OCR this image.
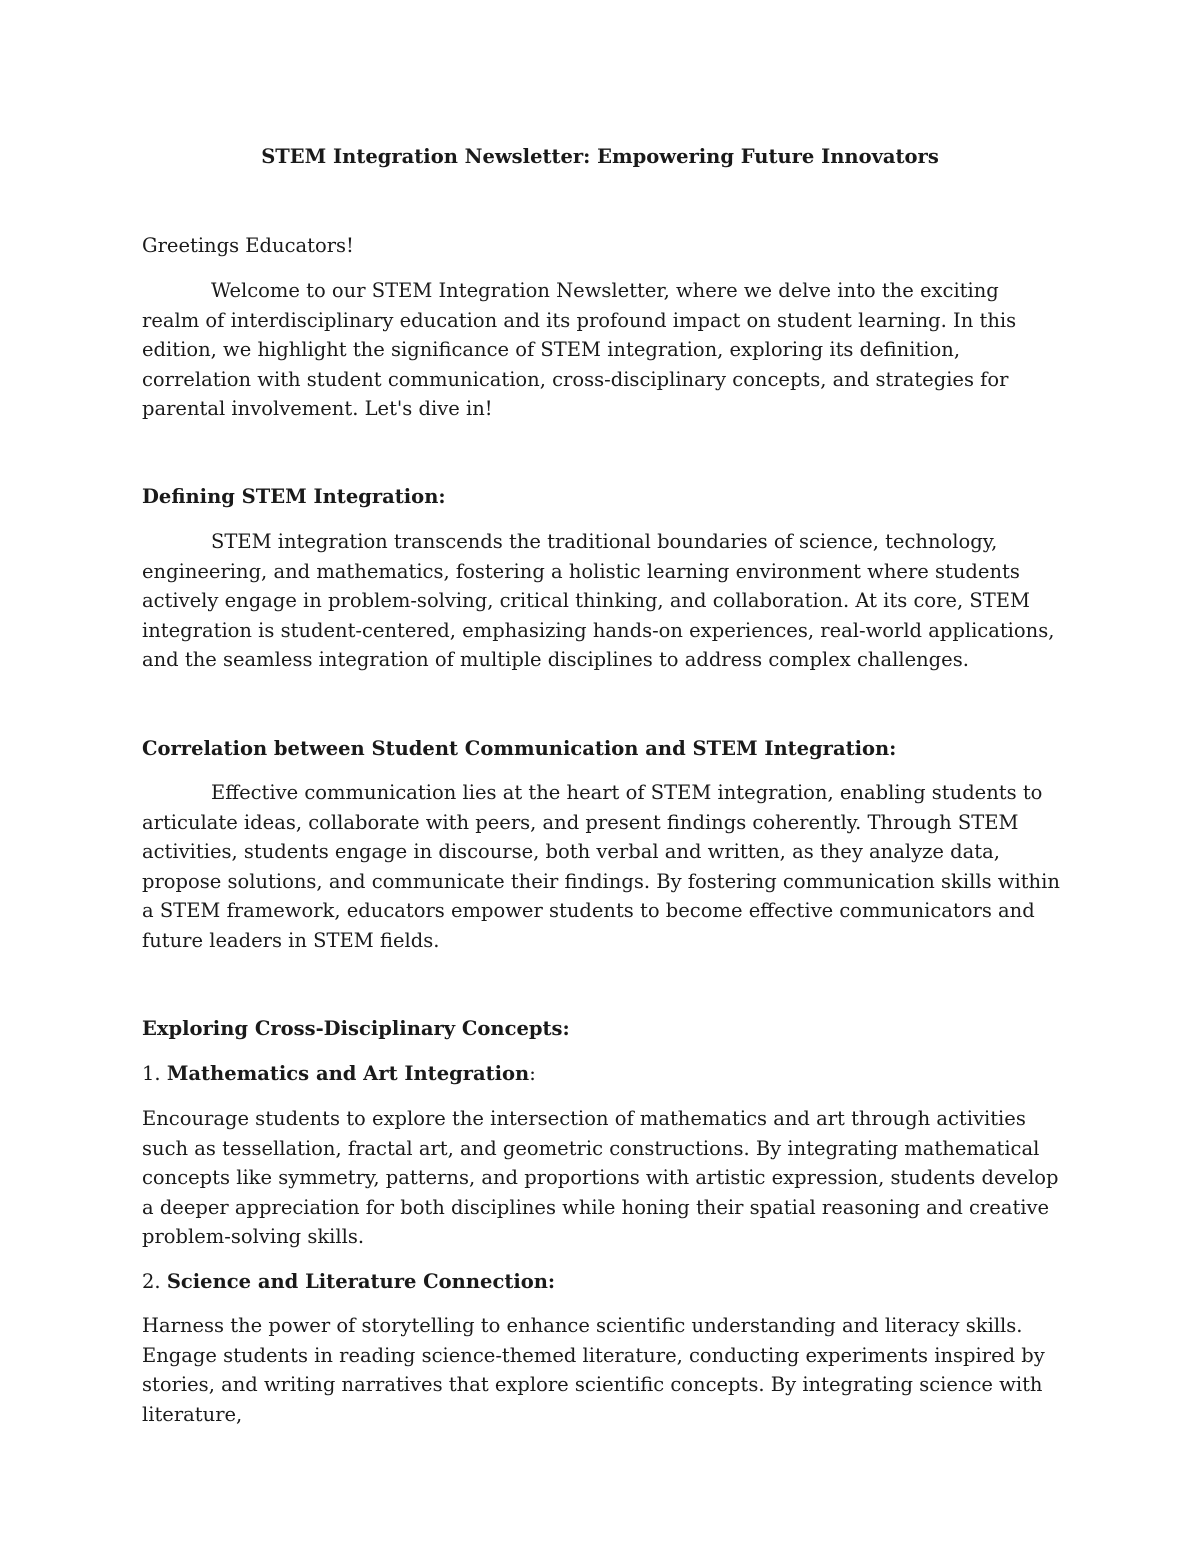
STEM Integration Newsletter: Empowering Future Innovators

Greetings Educators!

Welcome to our STEM Integration Newsletter, where we delve into the exciting realm of interdisciplinary education and its profound impact on student learning. In this edition, we highlight the significance of STEM integration, exploring its definition, correlation with student communication, cross-disciplinary concepts, and strategies for parental involvement. Let's dive in!

Defining STEM Integration:

STEM integration transcends the traditional boundaries of science, technology, engineering, and mathematics, fostering a holistic learning environment where students actively engage in problem-solving, critical thinking, and collaboration. At its core, STEM integration is student-centered, emphasizing hands-on experiences, real-world applications, and the seamless integration of multiple disciplines to address complex challenges.

Correlation between Student Communication and STEM Integration:

Effective communication lies at the heart of STEM integration, enabling students to articulate ideas, collaborate with peers, and present findings coherently. Through STEM activities, students engage in discourse, both verbal and written, as they analyze data, propose solutions, and communicate their findings. By fostering communication skills within a STEM framework, educators empower students to become effective communicators and future leaders in STEM fields.

Exploring Cross-Disciplinary Concepts:

1. Mathematics and Art Integration:

Encourage students to explore the intersection of mathematics and art through activities such as tessellation, fractal art, and geometric constructions. By integrating mathematical concepts like symmetry, patterns, and proportions with artistic expression, students develop a deeper appreciation for both disciplines while honing their spatial reasoning and creative problem-solving skills.

2. Science and Literature Connection:

Harness the power of storytelling to enhance scientific understanding and literacy skills. Engage students in reading science-themed literature, conducting experiments inspired by stories, and writing narratives that explore scientific concepts. By integrating science with literature,
